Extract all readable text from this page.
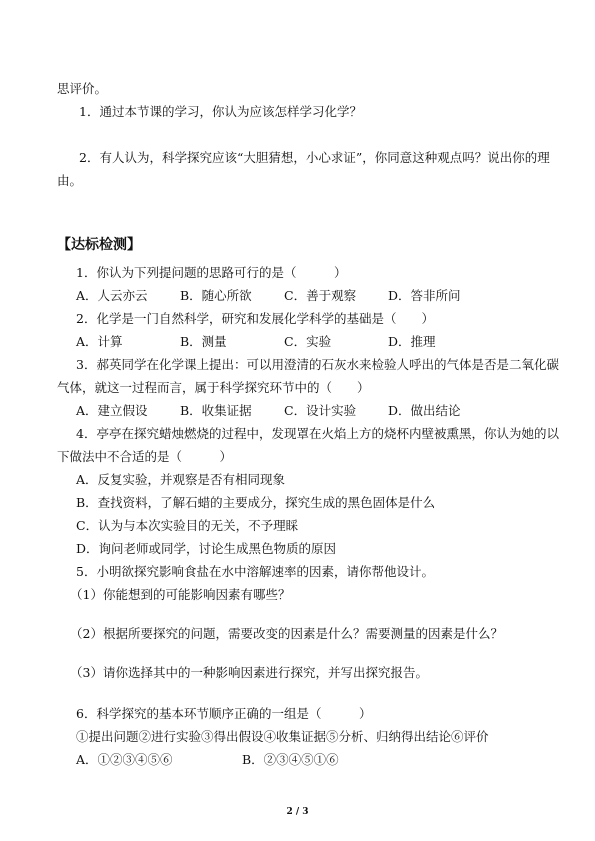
思评价。
1．通过本节课的学习，你认为应该怎样学习化学？
2．有人认为，科学探究应该“大胆猜想，小心求证”，你同意这种观点吗？说出你的理
由。
【达标检测】
1．你认为下列提问题的思路可行的是（　　　）
A．人云亦云	B．随心所欲	C．善于观察	D．答非所问
2．化学是一门自然科学，研究和发展化学科学的基础是（　　）
A．计算	B．测量	C．实验	D．推理
3．郝英同学在化学课上提出：可以用澄清的石灰水来检验人呼出的气体是否是二氧化碳
气体，就这一过程而言，属于科学探究环节中的（　　）
A．建立假设	B．收集证据	C．设计实验	D．做出结论
4．亭亭在探究蜡烛燃烧的过程中，发现罩在火焰上方的烧杯内壁被熏黑，你认为她的以
下做法中不合适的是（　　　）
A．反复实验，并观察是否有相同现象
B．查找资料，了解石蜡的主要成分，探究生成的黑色固体是什么
C．认为与本次实验目的无关，不予理睬
D．询问老师或同学，讨论生成黑色物质的原因
5．小明欲探究影响食盐在水中溶解速率的因素，请你帮他设计。
（1）你能想到的可能影响因素有哪些？
（2）根据所要探究的问题，需要改变的因素是什么？需要测量的因素是什么？
（3）请你选择其中的一种影响因素进行探究，并写出探究报告。
6．科学探究的基本环节顺序正确的一组是（　　　）
①提出问题②进行实验③得出假设④收集证据⑤分析、归纳得出结论⑥评价
A．①②③④⑤⑥	B．②③④⑤①⑥
2 / 3
